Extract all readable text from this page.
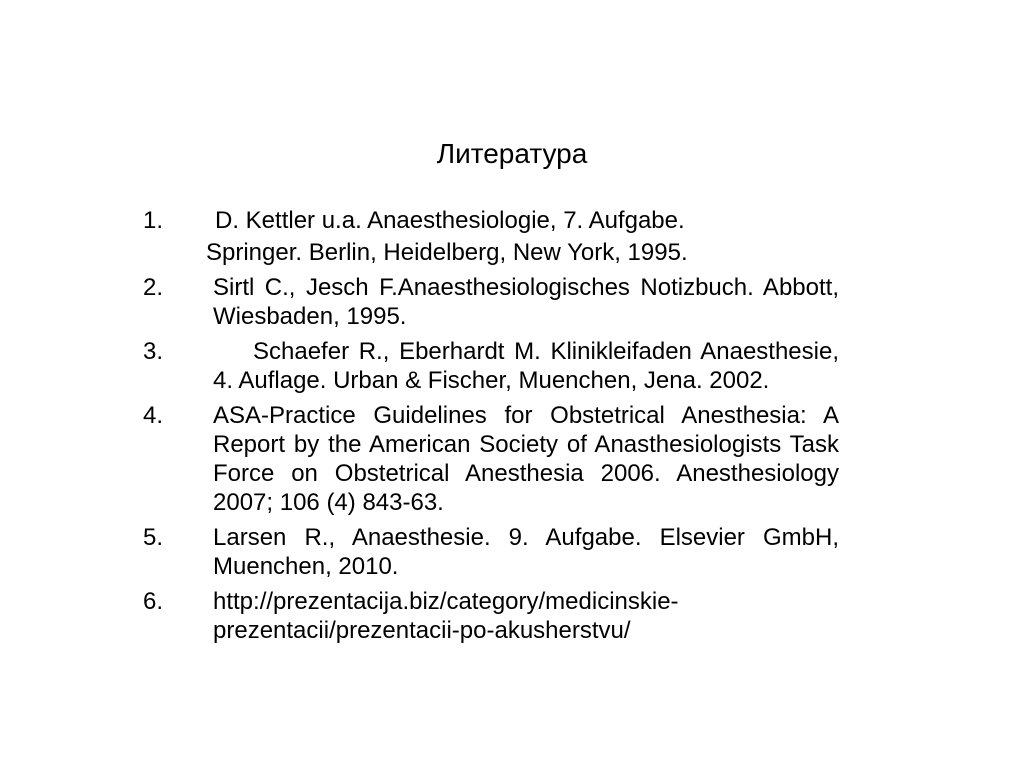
Литература
1. D. Kettler u.a. Anaesthesiologie, 7. Aufgabe.
Springer. Berlin, Heidelberg, New York, 1995.
2. Sirtl C., Jesch F.Anaesthesiologisches Notizbuch. Abbott, Wiesbaden, 1995.
3.	Schaefer R., Eberhardt M. Klinikleifaden Anaesthesie, 4. Auflage. Urban & Fischer, Muenchen, Jena. 2002.
4. ASA-Practice Guidelines for Obstetrical Anesthesia: A Report by the American Society of Anasthesiologists Task Force on Obstetrical Anesthesia 2006. Anesthesiology 2007; 106 (4) 843-63.
5. Larsen R., Anaesthesie. 9. Aufgabe. Elsevier GmbH, Muenchen, 2010.
6. http://prezentacija.biz/category/medicinskie-prezentacii/prezentacii-po-akusherstvu/
